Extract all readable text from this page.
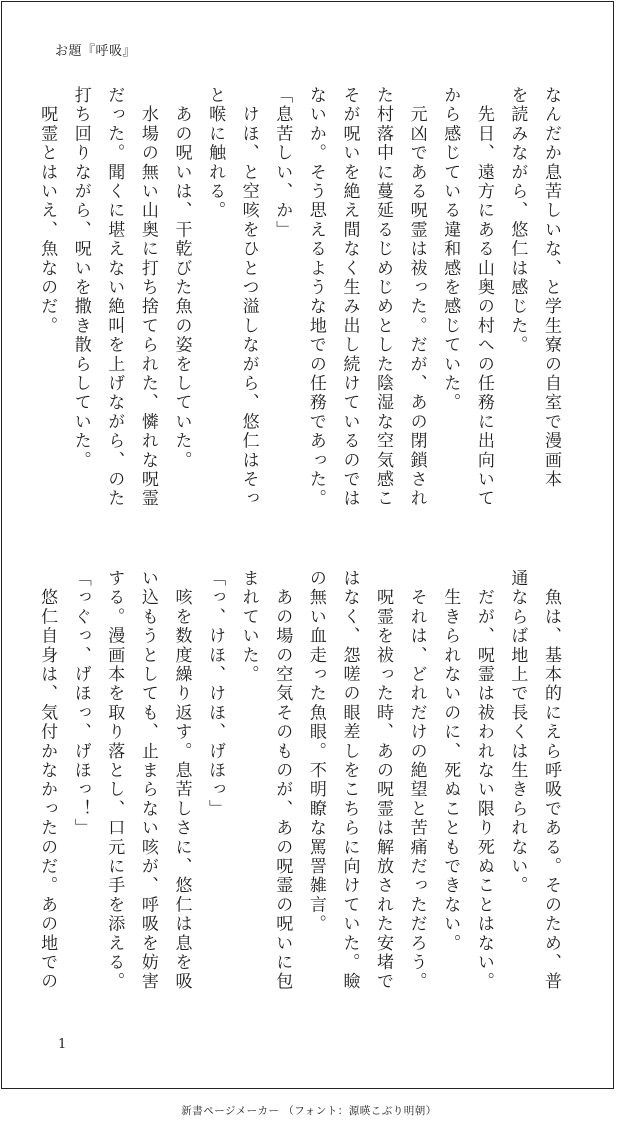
お題『呼吸』
なんだか息苦しいな、と学生寮の自室で漫画本
を読みながら、悠仁は感じた。
　先日、遠方にある山奥の村への任務に出向いて
から感じている違和感を感じていた。
　元凶である呪霊は祓った。だが、あの閉鎖され
た村落中に蔓延るじめじめとした陰湿な空気感こ
そが呪いを絶え間なく生み出し続けているのでは
ないか。そう思えるような地での任務であった。
「息苦しい、か」
　けほ、と空咳をひとつ溢しながら、悠仁はそっ
と喉に触れる。
　あの呪いは、干乾びた魚の姿をしていた。
　水場の無い山奥に打ち捨てられた、憐れな呪霊
だった。聞くに堪えない絶叫を上げながら、のた
打ち回りながら、呪いを撒き散らしていた。
　呪霊とはいえ、魚なのだ。
　魚は、基本的にえら呼吸である。そのため、普
通ならば地上で長くは生きられない。
　だが、呪霊は祓われない限り死ぬことはない。
　生きられないのに、死ぬこともできない。
　それは、どれだけの絶望と苦痛だっただろう。
　呪霊を祓った時、あの呪霊は解放された安堵で
はなく、怨嗟の眼差しをこちらに向けていた。瞼
の無い血走った魚眼。不明瞭な罵詈雑言。
　あの場の空気そのものが、あの呪霊の呪いに包
まれていた。
「っ、けほ、けほ、げほっ」
　咳を数度繰り返す。息苦しさに、悠仁は息を吸
い込もうとしても、止まらない咳が、呼吸を妨害
する。漫画本を取り落とし、口元に手を添える。
「っぐっ、げほっ、げほっ！」
　悠仁自身は、気付かなかったのだ。あの地での
1
新書ページメーカー （フォント：源暎こぶり明朝）
